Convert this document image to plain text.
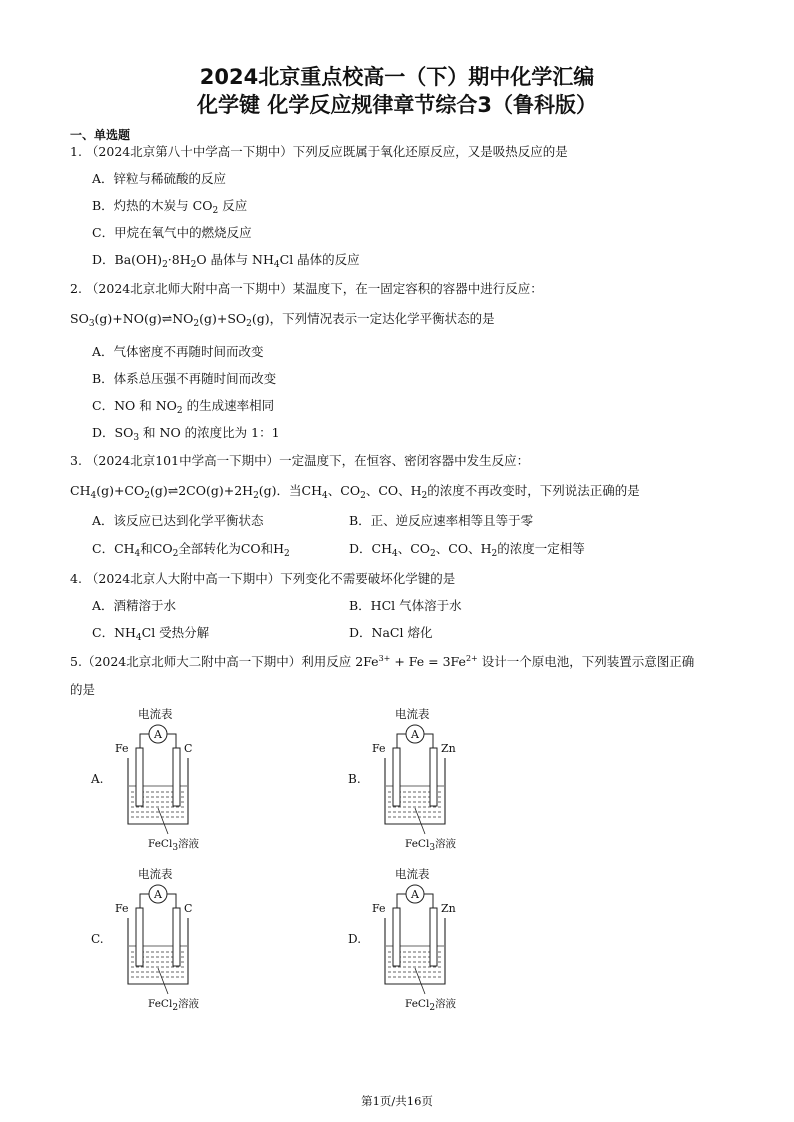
2024北京重点校高一（下）期中化学汇编
化学键 化学反应规律章节综合3（鲁科版）
一、单选题
1. （2024北京第八十中学高一下期中）下列反应既属于氧化还原反应，又是吸热反应的是
A．锌粒与稀硫酸的反应
B．灼热的木炭与 $CO_2$ 反应
C．甲烷在氧气中的燃烧反应
D．$Ba(OH)_2\cdot 8H_2O$ 晶体与 $NH_4Cl$ 晶体的反应
2. （2024北京北师大附中高一下期中）某温度下，在一固定容积的容器中进行反应：
$SO_3(g)+NO(g)\rightleftharpoons NO_2(g)+SO_2(g)$，下列情况表示一定达化学平衡状态的是
A．气体密度不再随时间而改变
B．体系总压强不再随时间而改变
C．NO 和 $NO_2$ 的生成速率相同
D．$SO_3$ 和 NO 的浓度比为 1：1
3. （2024北京101中学高一下期中）一定温度下，在恒容、密闭容器中发生反应：
$CH_4(g)+CO_2(g)\rightleftharpoons 2CO(g)+2H_2(g)$．当$CH_4$、$CO_2$、CO、$H_2$的浓度不再改变时，下列说法正确的是
A．该反应已达到化学平衡状态	B．正、逆反应速率相等且等于零
C．$CH_4$和$CO_2$全部转化为CO和$H_2$	D．$CH_4$、$CO_2$、CO、$H_2$的浓度一定相等
4. （2024北京人大附中高一下期中）下列变化不需要破坏化学键的是
A．酒精溶于水	B．HCl 气体溶于水
C．$NH_4Cl$ 受热分解	D．NaCl 熔化
5.（2024北京北师大二附中高一下期中）利用反应 $2Fe^{3+} + Fe = 3Fe^{2+}$ 设计一个原电池，下列装置示意图正确
的是
A.
电流表
Fe	C
FeCl$_3$溶液
A
B.
电流表
Fe	Zn
FeCl$_3$溶液
A
C.
电流表
Fe	C
FeCl$_2$溶液
A
D.
电流表
Fe	Zn
FeCl$_2$溶液
A
第1页/共16页
